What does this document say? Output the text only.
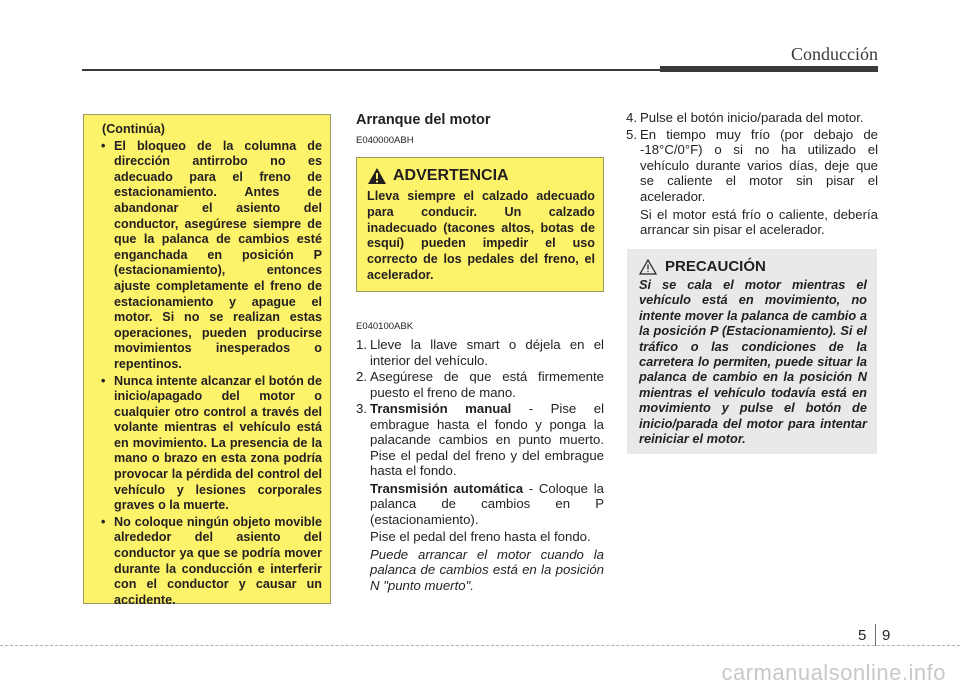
Conducción
(Continúa)
• El bloqueo de la columna de dirección antirrobo no es adecuado para el freno de estacionamiento. Antes de abandonar el asiento del conductor, asegúrese siempre de que la palanca de cambios esté enganchada en posición P (estacionamiento), entonces ajuste completamente el freno de estacionamiento y apague el motor. Si no se realizan estas operaciones, pueden producirse movimientos inesperados o repentinos.
• Nunca intente alcanzar el botón de inicio/apagado del motor o cualquier otro control a través del volante mientras el vehículo está en movimiento. La presencia de la mano o brazo en esta zona podría provocar la pérdida del control del vehículo y lesiones corporales graves o la muerte.
• No coloque ningún objeto movible alrededor del asiento del conductor ya que se podría mover durante la conducción e interferir con el conductor y causar un accidente.
Arranque del motor
E040000ABH
ADVERTENCIA
Lleva siempre el calzado adecuado para conducir. Un calzado inadecuado (tacones altos, botas de esquí) pueden impedir el uso correcto de los pedales del freno, el acelerador.
E040100ABK
1. Lleve la llave smart o déjela en el interior del vehículo.
2. Asegúrese de que está firmemente puesto el freno de mano.
3. Transmisión manual - Pise el embrague hasta el fondo y ponga la palacande cambios en punto muerto. Pise el pedal del freno y del embrague hasta el fondo.
Transmisión automática - Coloque la palanca de cambios en P (estacionamiento).
Pise el pedal del freno hasta el fondo.
Puede arrancar el motor cuando la palanca de cambios está en la posición N "punto muerto".
4. Pulse el botón inicio/parada del motor.
5. En tiempo muy frío (por debajo de -18°C/0°F) o si no ha utilizado el vehículo durante varios días, deje que se caliente el motor sin pisar el acelerador.
Si el motor está frío o caliente, debería arrancar sin pisar el acelerador.
PRECAUCIÓN
Si se cala el motor mientras el vehículo está en movimiento, no intente mover la palanca de cambio a la posición P (Estacionamiento). Si el tráfico o las condiciones de la carretera lo permiten, puede situar la palanca de cambio en la posición N mientras el vehículo todavía está en movimiento y pulse el botón de inicio/parada del motor para intentar reiniciar el motor.
5 9
carmanualsonline.info
